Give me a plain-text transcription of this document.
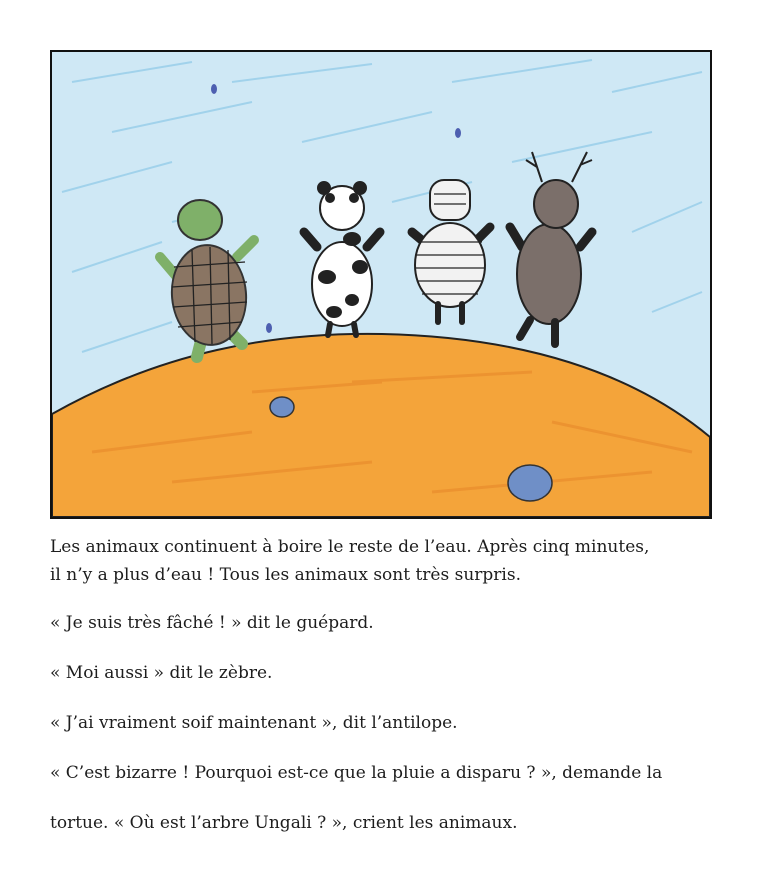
Les animaux continuent à boire le reste de l’eau. Après cinq minutes,
il n’y a plus d’eau ! Tous les animaux sont très surpris.

« Je suis très fâché ! » dit le guépard.

« Moi aussi » dit le zèbre.

« J’ai vraiment soif maintenant », dit l’antilope.

« C’est bizarre ! Pourquoi est-ce que la pluie a disparu ? », demande la

tortue. « Où est l’arbre Ungali ? », crient les animaux.
